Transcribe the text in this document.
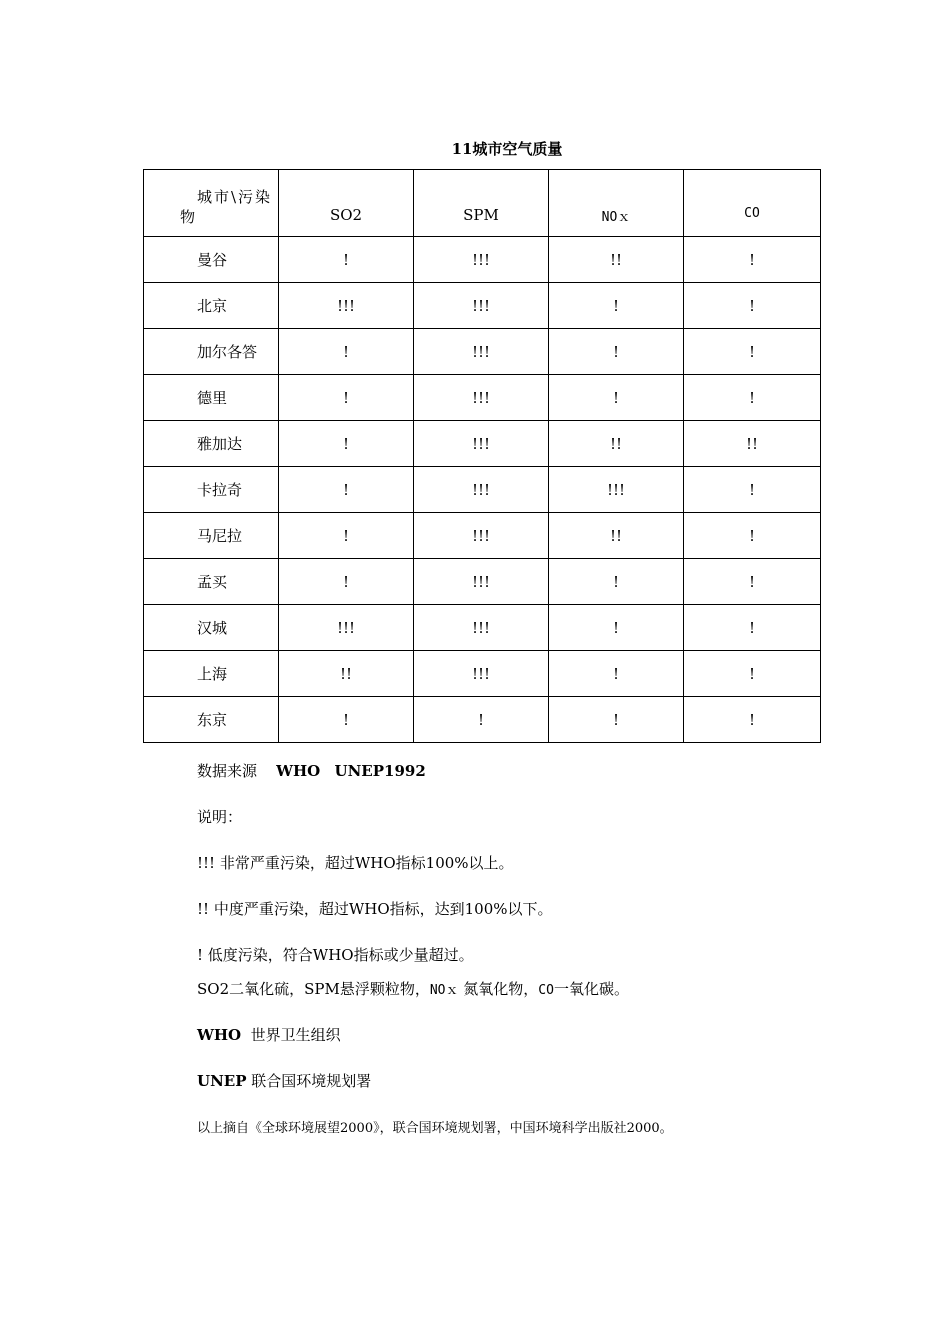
11城市空气质量
城市\污染
物	SO2	SPM	NOｘ	CO

曼谷	!	!!!	!!	!
北京	!!!	!!!	!	!
加尔各答	!	!!!	!	!
德里	!	!!!	!	!
雅加达	!	!!!	!!	!!
卡拉奇	!	!!!	!!!	!
马尼拉	!	!!!	!!	!
孟买	!	!!!	!	!
汉城	!!!	!!!	!	!
上海	!!	!!!	!	!
东京	!	!	!	!
数据来源 WHO UNEP1992
说明：
!!! 非常严重污染，超过WHO指标100%以上。
!! 中度严重污染，超过WHO指标，达到100%以下。
! 低度污染，符合WHO指标或少量超过。
SO2二氧化硫，SPM悬浮颗粒物，NOｘ 氮氧化物，CO一氧化碳。
WHO  世界卫生组织
UNEP 联合国环境规划署
以上摘自《全球环境展望2000》，联合国环境规划署，中国环境科学出版社2000。
